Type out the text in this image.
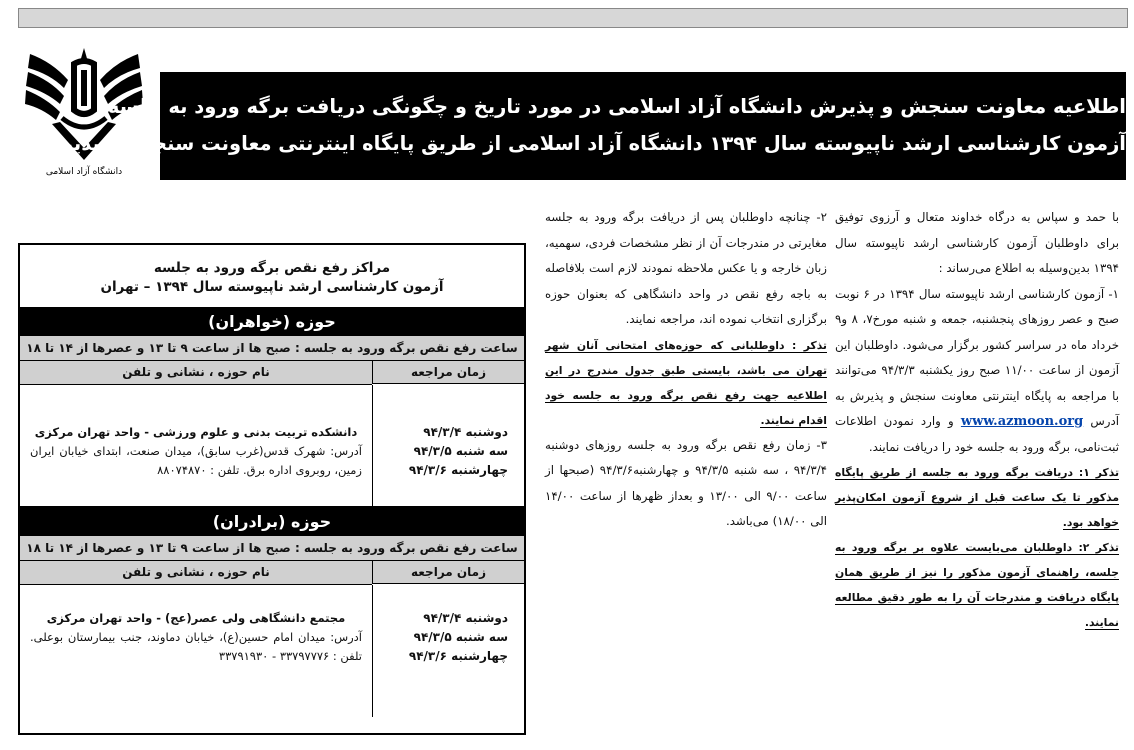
دانشگاه آزاد اسلامی
اطلاعیه معاونت سنجش و پذیرش دانشگاه آزاد اسلامی در مورد تاریخ و چگونگی دریافت برگه ورود به جلسه
آزمون کارشناسی ارشد ناپیوسته سال ۱۳۹۴ دانشگاه آزاد اسلامی از طریق پایگاه اینترنتی معاونت سنجش و پذیرش

با حمد و سپاس به درگاه خداوند متعال و آرزوی توفیق برای داوطلبان آزمون کارشناسی ارشد ناپیوسته سال ۱۳۹۴ بدین‌وسیله به اطلاع می‌رساند :

۱- آزمون کارشناسی ارشد ناپیوسته سال ۱۳۹۴ در ۶ نوبت صبح و عصر روزهای پنجشنبه، جمعه و شنبه مورخ۷، ۸ و۹ خرداد ماه در سراسر کشور برگزار می‌شود. داوطلبان این آزمون از ساعت ۱۱/۰۰ صبح روز یکشنبه ۹۴/۳/۳ می‌توانند با مراجعه به پایگاه اینترنتی معاونت سنجش و پذیرش به آدرس www.azmoon.org و وارد نمودن اطلاعات ثبت‌نامی، برگه ورود به جلسه خود را دریافت نمایند.

تذکر ۱: دریافت برگه ورود به جلسه از طریق پایگاه مذکور تا یک ساعت قبل از شروع آزمون امکان‌پذیر خواهد بود.

تذکر ۲: داوطلبان می‌بایست علاوه بر برگه ورود به جلسه، راهنمای آزمون مذکور را نیز از طریق همان پایگاه دریافت و مندرجات آن را به طور دقیق مطالعه نمایند.

۲- چنانچه داوطلبان پس از دریافت برگه ورود به جلسه مغایرتی در مندرجات آن از نظر مشخصات فردی، سهمیه، زبان خارجه و یا عکس ملاحظه نمودند لازم است بلافاصله به باجه رفع نقص در واحد دانشگاهی که بعنوان حوزه برگزاری انتخاب نموده اند، مراجعه نمایند.

تذکر : داوطلبانی که حوزه‌های امتحانی آنان شهر تهران می باشد، بایستی طبق جدول مندرج در این اطلاعیه جهت رفع نقص برگه ورود به جلسه خود اقدام نمایند.

۳- زمان رفع نقص برگه ورود به جلسه روزهای دوشنبه ۹۴/۳/۴ ، سه شنبه ۹۴/۳/۵ و چهارشنبه۹۴/۳/۶ (صبحها از ساعت ۹/۰۰ الی ۱۳/۰۰ و بعداز ظهرها از ساعت ۱۴/۰۰ الی ۱۸/۰۰) می‌باشد.

مراکز رفع نقص برگه ورود به جلسه
آزمون کارشناسی ارشد ناپیوسته سال ۱۳۹۴ – تهران
حوزه (خواهران)
ساعت رفع نقص برگه ورود به جلسه : صبح ها از ساعت ۹ تا ۱۳ و عصرها از ۱۴ تا ۱۸
زمان مراجعه
نام حوزه ، نشانی و تلفن
دوشنبه ۹۴/۳/۴
سه شنبه ۹۴/۳/۵
چهارشنبه ۹۴/۳/۶
دانشکده تربیت بدنی و علوم ورزشی - واحد تهران مرکزی
آدرس: شهرک قدس(غرب سابق)، میدان صنعت، ابتدای خیابان ایران زمین، روبروی اداره برق. تلفن : ۸۸۰۷۴۸۷۰
حوزه (برادران)
ساعت رفع نقص برگه ورود به جلسه : صبح ها از ساعت ۹ تا ۱۳ و عصرها از ۱۴ تا ۱۸
زمان مراجعه
نام حوزه ، نشانی و تلفن
دوشنبه ۹۴/۳/۴
سه شنبه ۹۴/۳/۵
چهارشنبه ۹۴/۳/۶
مجتمع دانشگاهی ولی عصر(عج) - واحد تهران مرکزی
آدرس: میدان امام حسین(ع)، خیابان دماوند، جنب بیمارستان بوعلی. تلفن : ۳۳۷۹۷۷۷۶ - ۳۳۷۹۱۹۳۰
